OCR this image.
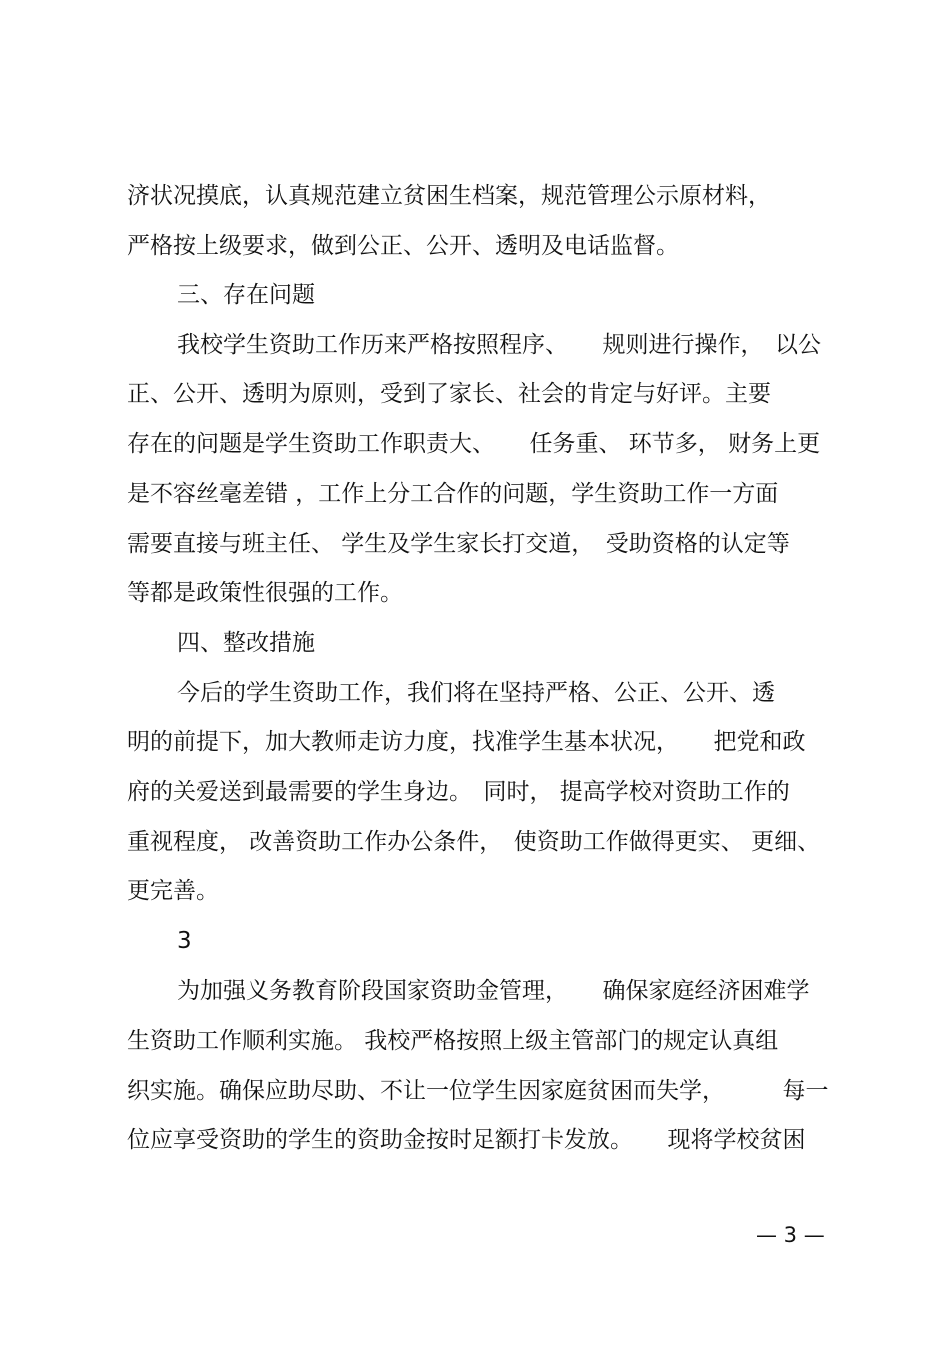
济状况摸底，认真规范建立贫困生档案，规范管理公示原材料，
严格按上级要求，做到公正、公开、透明及电话监督。
三、存在问题
我校学生资助工作历来严格按照程序、　　规则进行操作，　以公
正、公开、透明为原则，受到了家长、社会的肯定与好评。主要
存在的问题是学生资助工作职责大、　　任务重、 环节多， 财务上更
是不容丝毫差错 ，工作上分工合作的问题，学生资助工作一方面
需要直接与班主任、 学生及学生家长打交道，　受助资格的认定等
等都是政策性很强的工作。
四、整改措施
今后的学生资助工作，我们将在坚持严格、公正、公开、透
明的前提下，加大教师走访力度，找准学生基本状况，　　把党和政
府的关爱送到最需要的学生身边。　同时， 提高学校对资助工作的
重视程度， 改善资助工作办公条件，　使资助工作做得更实、 更细、
更完善。
3
为加强义务教育阶段国家资助金管理，　　确保家庭经济困难学
生资助工作顺利实施。 我校严格按照上级主管部门的规定认真组
织实施。确保应助尽助、不让一位学生因家庭贫困而失学，　　　每一
位应享受资助的学生的资助金按时足额打卡发放。　　现将学校贫困
— 3 —
